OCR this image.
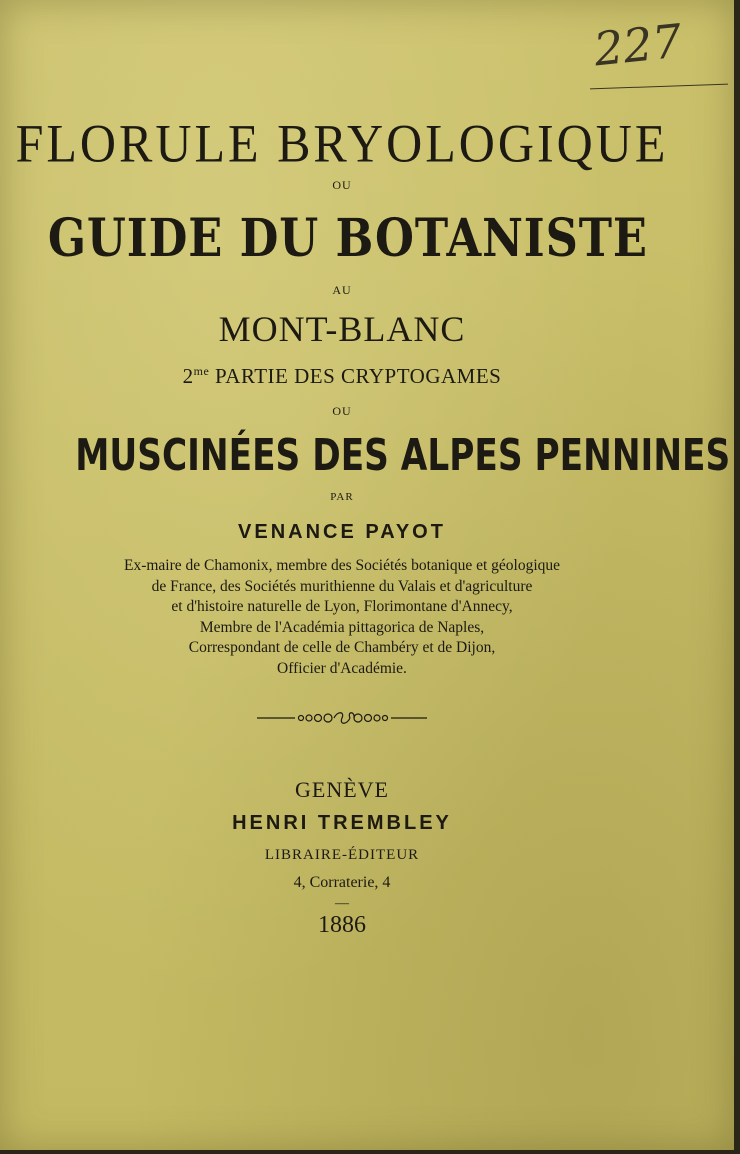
227
FLORULE BRYOLOGIQUE
OU
GUIDE DU BOTANISTE
AU
MONT-BLANC
$2^{me}$ PARTIE DES CRYPTOGAMES
OU
MUSCINÉES DES ALPES PENNINES
PAR
VENANCE PAYOT
Ex-maire de Chamonix, membre des Sociétés botanique et géologique
de France, des Sociétés murithienne du Valais et d'agriculture
et d'histoire naturelle de Lyon, Florimontane d'Annecy,
Membre de l'Académia pittagorica de Naples,
Correspondant de celle de Chambéry et de Dijon,
Officier d'Académie.
GENÈVE
HENRI TREMBLEY
LIBRAIRE-ÉDITEUR
4, Corraterie, 4
—
1886
